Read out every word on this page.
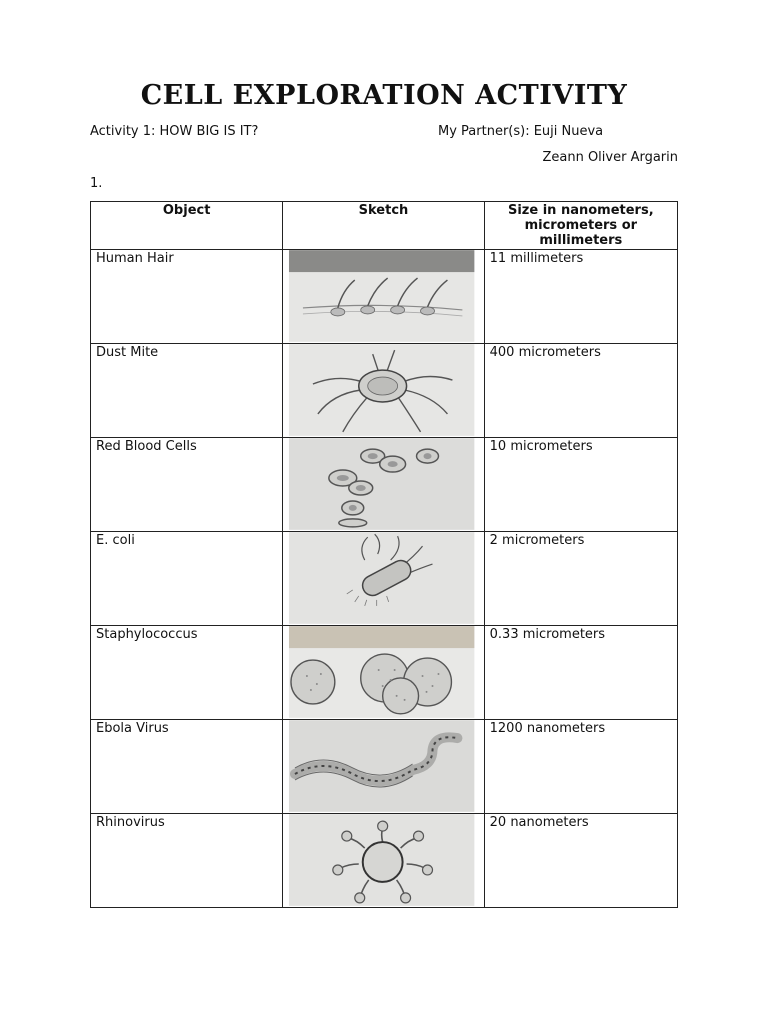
CELL EXPLORATION ACTIVITY
Activity 1: HOW BIG IS IT?	My Partner(s): Euji Nueva
Zeann Oliver Argarin
1.
Object	Sketch	Size in nanometers, micrometers or millimeters
Human Hair		11 millimeters
Dust Mite		400 micrometers
Red Blood Cells		10 micrometers
E. coli		2 micrometers
Staphylococcus		0.33 micrometers
Ebola Virus		1200 nanometers
Rhinovirus		20 nanometers
